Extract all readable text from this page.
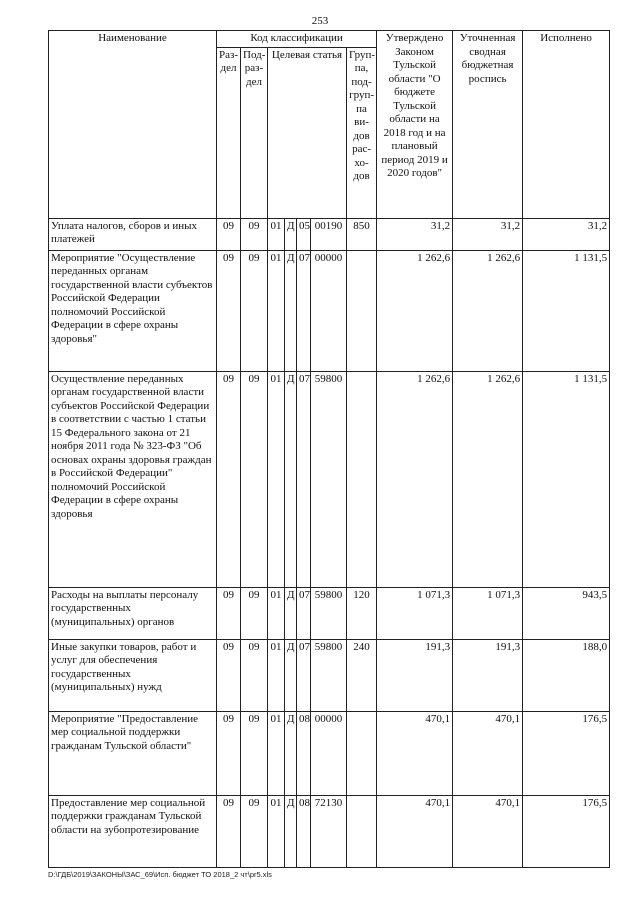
253
Наименование	Код классификации							Утверждено Законом Тульской области "О бюджете Тульской области на 2018 год и на плановый период 2019 и 2020 годов"	Уточненная сводная бюджетная роспись	Исполнено
	Раз-дел	Под-раз-дел	Целевая статья				Груп-па, под-груп-па ви-дов рас-хо-дов			
Уплата налогов, сборов и иных платежей	09	09	01	Д	05	00190	850	31,2	31,2	31,2
Мероприятие "Осуществление переданных органам государственной власти субъектов Российской Федерации полномочий Российской Федерации в сфере охраны здоровья"	09	09	01	Д	07	00000		1 262,6	1 262,6	1 131,5
Осуществление переданных органам государственной власти субъектов Российской Федерации в соответствии с частью 1 статьи 15 Федерального закона от 21 ноября 2011 года № 323-ФЗ "Об основах охраны здоровья граждан в Российской Федерации" полномочий Российской Федерации в сфере охраны здоровья	09	09	01	Д	07	59800		1 262,6	1 262,6	1 131,5
Расходы на выплаты персоналу государственных (муниципальных) органов	09	09	01	Д	07	59800	120	1 071,3	1 071,3	943,5
Иные закупки товаров, работ и услуг для обеспечения государственных (муниципальных) нужд	09	09	01	Д	07	59800	240	191,3	191,3	188,0
Мероприятие "Предоставление мер социальной поддержки гражданам Тульской области"	09	09	01	Д	08	00000		470,1	470,1	176,5
Предоставление мер социальной поддержки гражданам Тульской области на зубопротезирование	09	09	01	Д	08	72130		470,1	470,1	176,5
D:\ГДБ\2019\ЗАКОНЫ\ЗАС_69\Исп. бюджет ТО 2018_2 чт\pr5.xls
